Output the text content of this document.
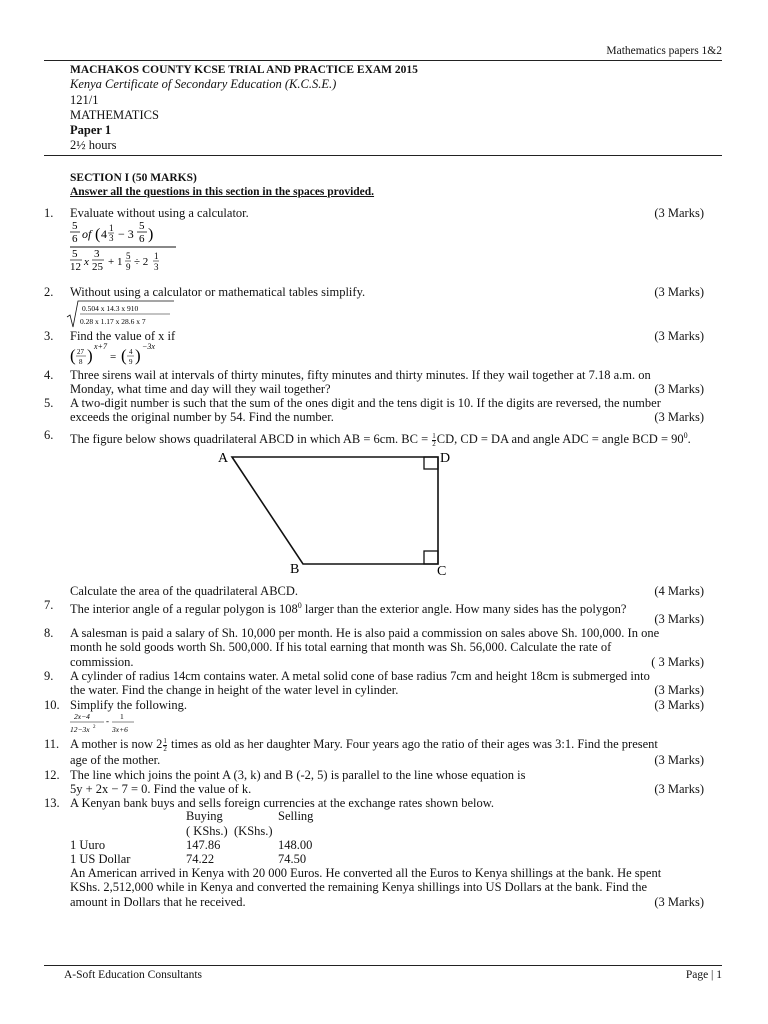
Mathematics papers 1&2
MACHAKOS COUNTY KCSE TRIAL AND PRACTICE EXAM 2015
Kenya Certificate of Secondary Education (K.C.S.E.)
121/1
MATHEMATICS
Paper 1
2½ hours
SECTION I (50 MARKS)
Answer all the questions in this section in the spaces provided.
1. Evaluate without using a calculator.	(3 Marks)
5
6 of ( 4 1
3 − 3
5
6 )
5
12 x
3
25 + 1 5
9 ÷ 2 1
3
2. Without using a calculator or mathematical tables simplify.	(3 Marks)
0.504 x 14.3 x 910
0.28 x 1.17 x 28.6 x 7
3. Find the value of x if	(3 Marks)
( 27
8 ) x+7
= ( 4
9 ) −3x
4. Three sirens wail at intervals of thirty minutes, fifty minutes and thirty minutes. If they wail together at 7.18 a.m. on
Monday, what time and day will they wail together?	(3 Marks)
5. A two-digit number is such that the sum of the ones digit and the tens digit is 10. If the digits are reversed, the number
exceeds the original number by 54. Find the number.	(3 Marks)
6. The figure below shows quadrilateral ABCD in which AB = 6cm. BC = $\frac{1}{2}$ CD, CD = DA and angle ADC = angle BCD = $90^0$.
A	D
B	C
Calculate the area of the quadrilateral ABCD.	(4 Marks)
7. The interior angle of a regular polygon is $108^0$ larger than the exterior angle. How many sides has the polygon?
(3 Marks)
8. A salesman is paid a salary of Sh. 10,000 per month. He is also paid a commission on sales above Sh. 100,000. In one
month he sold goods worth Sh. 500,000. If his total earning that month was Sh. 56,000. Calculate the rate of
commission.	( 3 Marks)
9. A cylinder of radius 14cm contains water. A metal solid cone of base radius 7cm and height 18cm is submerged into
the water. Find the change in height of the water level in cylinder.	(3 Marks)
10. Simplify the following.	(3 Marks)
2x−4
12−3x 2
- 1
3x+6
11. A mother is now $2 \frac{1}{2}$ times as old as her daughter Mary. Four years ago the ratio of their ages was 3:1. Find the present
age of the mother.	(3 Marks)
12. The line which joins the point A (3, k) and B (-2, 5) is parallel to the line whose equation is
5y + 2x − 7 = 0. Find the value of k.	(3 Marks)
13. A Kenyan bank buys and sells foreign currencies at the exchange rates shown below.
Buying	Selling
( KShs.) (KShs.)
1 Uuro	147.86	148.00
1 US Dollar	74.22	74.50
An American arrived in Kenya with 20 000 Euros. He converted all the Euros to Kenya shillings at the bank. He spent
KShs. 2,512,000 while in Kenya and converted the remaining Kenya shillings into US Dollars at the bank. Find the
amount in Dollars that he received.	(3 Marks)
A-Soft Education Consultants	Page | 1
